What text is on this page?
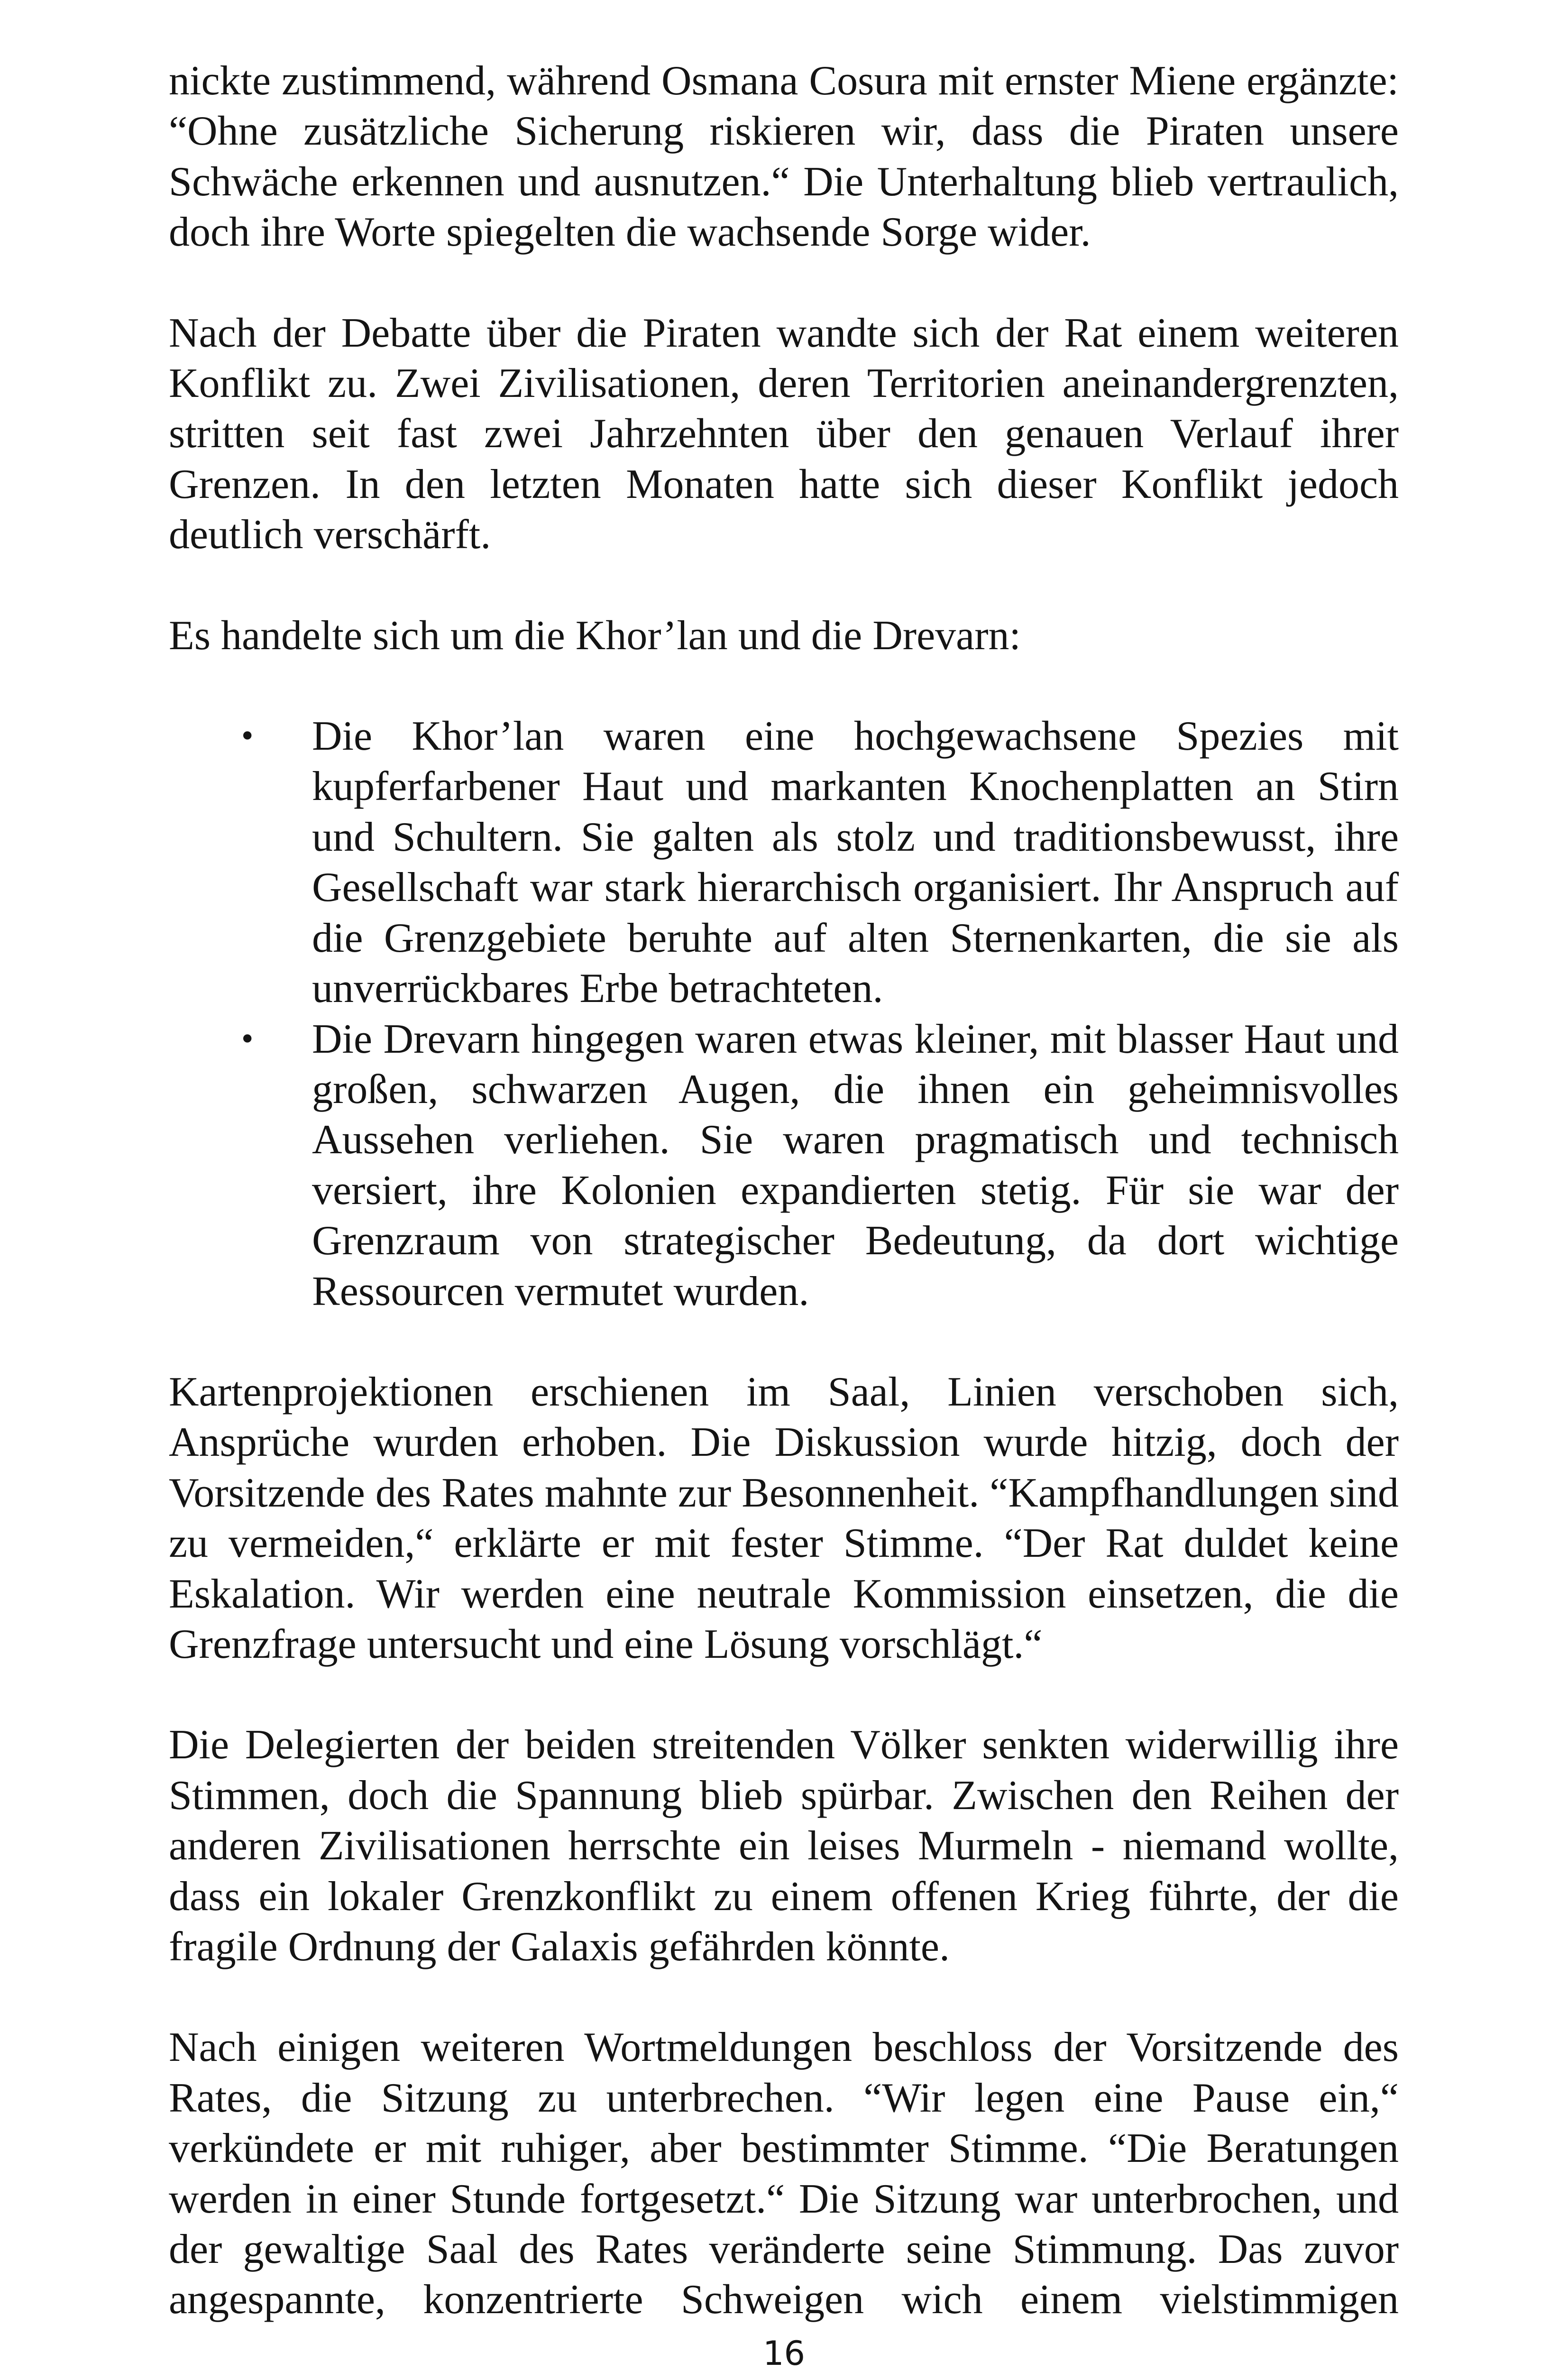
nickte zustimmend, während Osmana Cosura mit ernster Miene ergänzte: “Ohne zusätzliche Sicherung riskieren wir, dass die Piraten unsere Schwäche erkennen und ausnutzen.“ Die Unterhaltung blieb vertraulich, doch ihre Worte spiegelten die wachsende Sorge wider.

Nach der Debatte über die Piraten wandte sich der Rat einem weiteren Konflikt zu. Zwei Zivilisationen, deren Territorien aneinandergrenzten, stritten seit fast zwei Jahrzehnten über den genauen Verlauf ihrer Grenzen. In den letzten Monaten hatte sich dieser Konflikt jedoch deutlich verschärft.

Es handelte sich um die Khor’lan und die Drevarn:

• Die Khor’lan waren eine hochgewachsene Spezies mit kupferfarbener Haut und markanten Knochenplatten an Stirn und Schultern. Sie galten als stolz und traditionsbewusst, ihre Gesellschaft war stark hierarchisch organisiert. Ihr Anspruch auf die Grenzgebiete beruhte auf alten Sternenkarten, die sie als unverrückbares Erbe betrachteten.
• Die Drevarn hingegen waren etwas kleiner, mit blasser Haut und großen, schwarzen Augen, die ihnen ein geheimnisvolles Aussehen verliehen. Sie waren pragmatisch und technisch versiert, ihre Kolonien expandierten stetig. Für sie war der Grenzraum von strategischer Bedeutung, da dort wichtige Ressourcen vermutet wurden.

Kartenprojektionen erschienen im Saal, Linien verschoben sich, Ansprüche wurden erhoben. Die Diskussion wurde hitzig, doch der Vorsitzende des Rates mahnte zur Besonnenheit. “Kampfhandlungen sind zu vermeiden,“ erklärte er mit fester Stimme. “Der Rat duldet keine Eskalation. Wir werden eine neutrale Kommission einsetzen, die die Grenzfrage untersucht und eine Lösung vorschlägt.“

Die Delegierten der beiden streitenden Völker senkten widerwillig ihre Stimmen, doch die Spannung blieb spürbar. Zwischen den Reihen der anderen Zivilisationen herrschte ein leises Murmeln - niemand wollte, dass ein lokaler Grenzkonflikt zu einem offenen Krieg führte, der die fragile Ordnung der Galaxis gefährden könnte.

Nach einigen weiteren Wortmeldungen beschloss der Vorsitzende des Rates, die Sitzung zu unterbrechen. “Wir legen eine Pause ein,“ verkündete er mit ruhiger, aber bestimmter Stimme. “Die Beratungen werden in einer Stunde fortgesetzt.“ Die Sitzung war unterbrochen, und der gewaltige Saal des Rates veränderte seine Stimmung. Das zuvor angespannte, konzentrierte Schweigen wich einem vielstimmigen

16
